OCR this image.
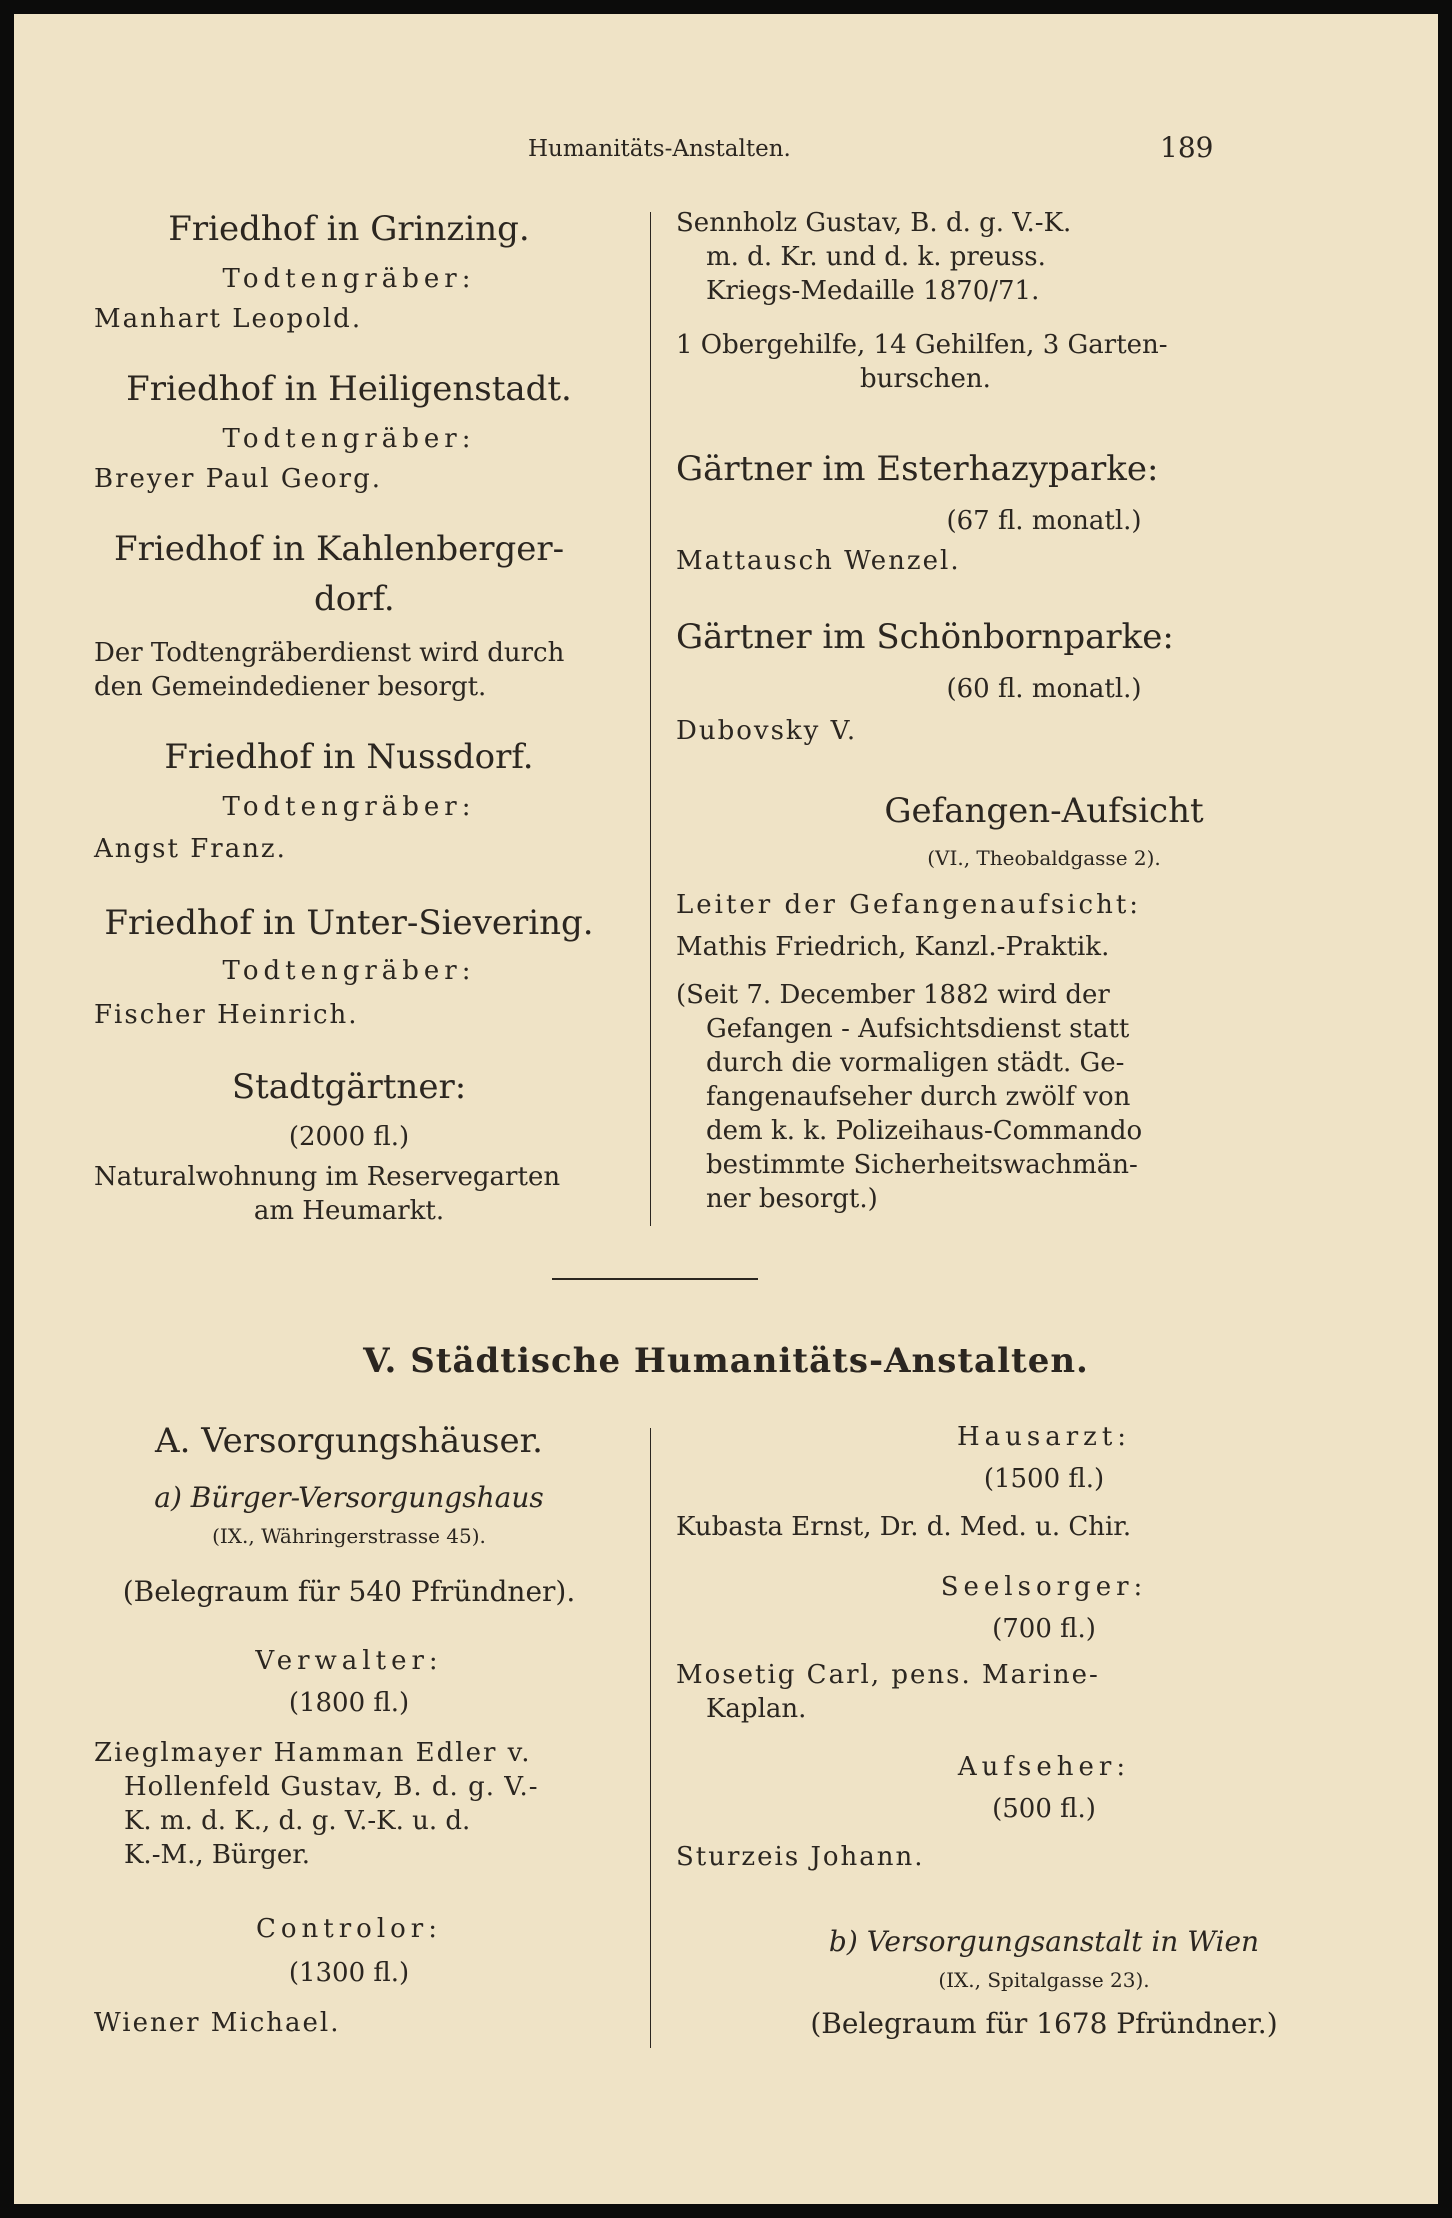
Humanitäts-Anstalten.	189
Friedhof in Grinzing.
Todtengräber:
Manhart Leopold.
Friedhof in Heiligenstadt.
Todtengräber:
Breyer Paul Georg.
Friedhof in Kahlenberger-
dorf.
Der Todtengräberdienst wird durch
den Gemeindediener besorgt.
Friedhof in Nussdorf.
Todtengräber:
Angst Franz.
Friedhof in Unter-Sievering.
Todtengräber:
Fischer Heinrich.
Stadtgärtner:
(2000 fl.)
Naturalwohnung im Reservegarten
am Heumarkt.
Sennholz Gustav, B. d. g. V.-K.
m. d. Kr. und d. k. preuss.
Kriegs-Medaille 1870/71.
1 Obergehilfe, 14 Gehilfen, 3 Garten-
burschen.
Gärtner im Esterhazyparke:
(67 fl. monatl.)
Mattausch Wenzel.
Gärtner im Schönbornparke:
(60 fl. monatl.)
Dubovsky V.
Gefangen-Aufsicht
(VI., Theobaldgasse 2).
Leiter der Gefangenaufsicht:
Mathis Friedrich, Kanzl.-Praktik.
(Seit 7. December 1882 wird der
Gefangen - Aufsichtsdienst statt
durch die vormaligen städt. Ge-
fangenaufseher durch zwölf von
dem k. k. Polizeihaus-Commando
bestimmte Sicherheitswachmän-
ner besorgt.)
V. Städtische Humanitäts-Anstalten.
A. Versorgungshäuser.
a) Bürger-Versorgungshaus
(IX., Währingerstrasse 45).
(Belegraum für 540 Pfründner).
Verwalter:
(1800 fl.)
Zieglmayer Hamman Edler v.
Hollenfeld Gustav, B. d. g. V.-
K. m. d. K., d. g. V.-K. u. d.
K.-M., Bürger.
Controlor:
(1300 fl.)
Wiener Michael.
Hausarzt:
(1500 fl.)
Kubasta Ernst, Dr. d. Med. u. Chir.
Seelsorger:
(700 fl.)
Mosetig Carl, pens. Marine-
Kaplan.
Aufseher:
(500 fl.)
Sturzeis Johann.
b) Versorgungsanstalt in Wien
(IX., Spitalgasse 23).
(Belegraum für 1678 Pfründner.)
